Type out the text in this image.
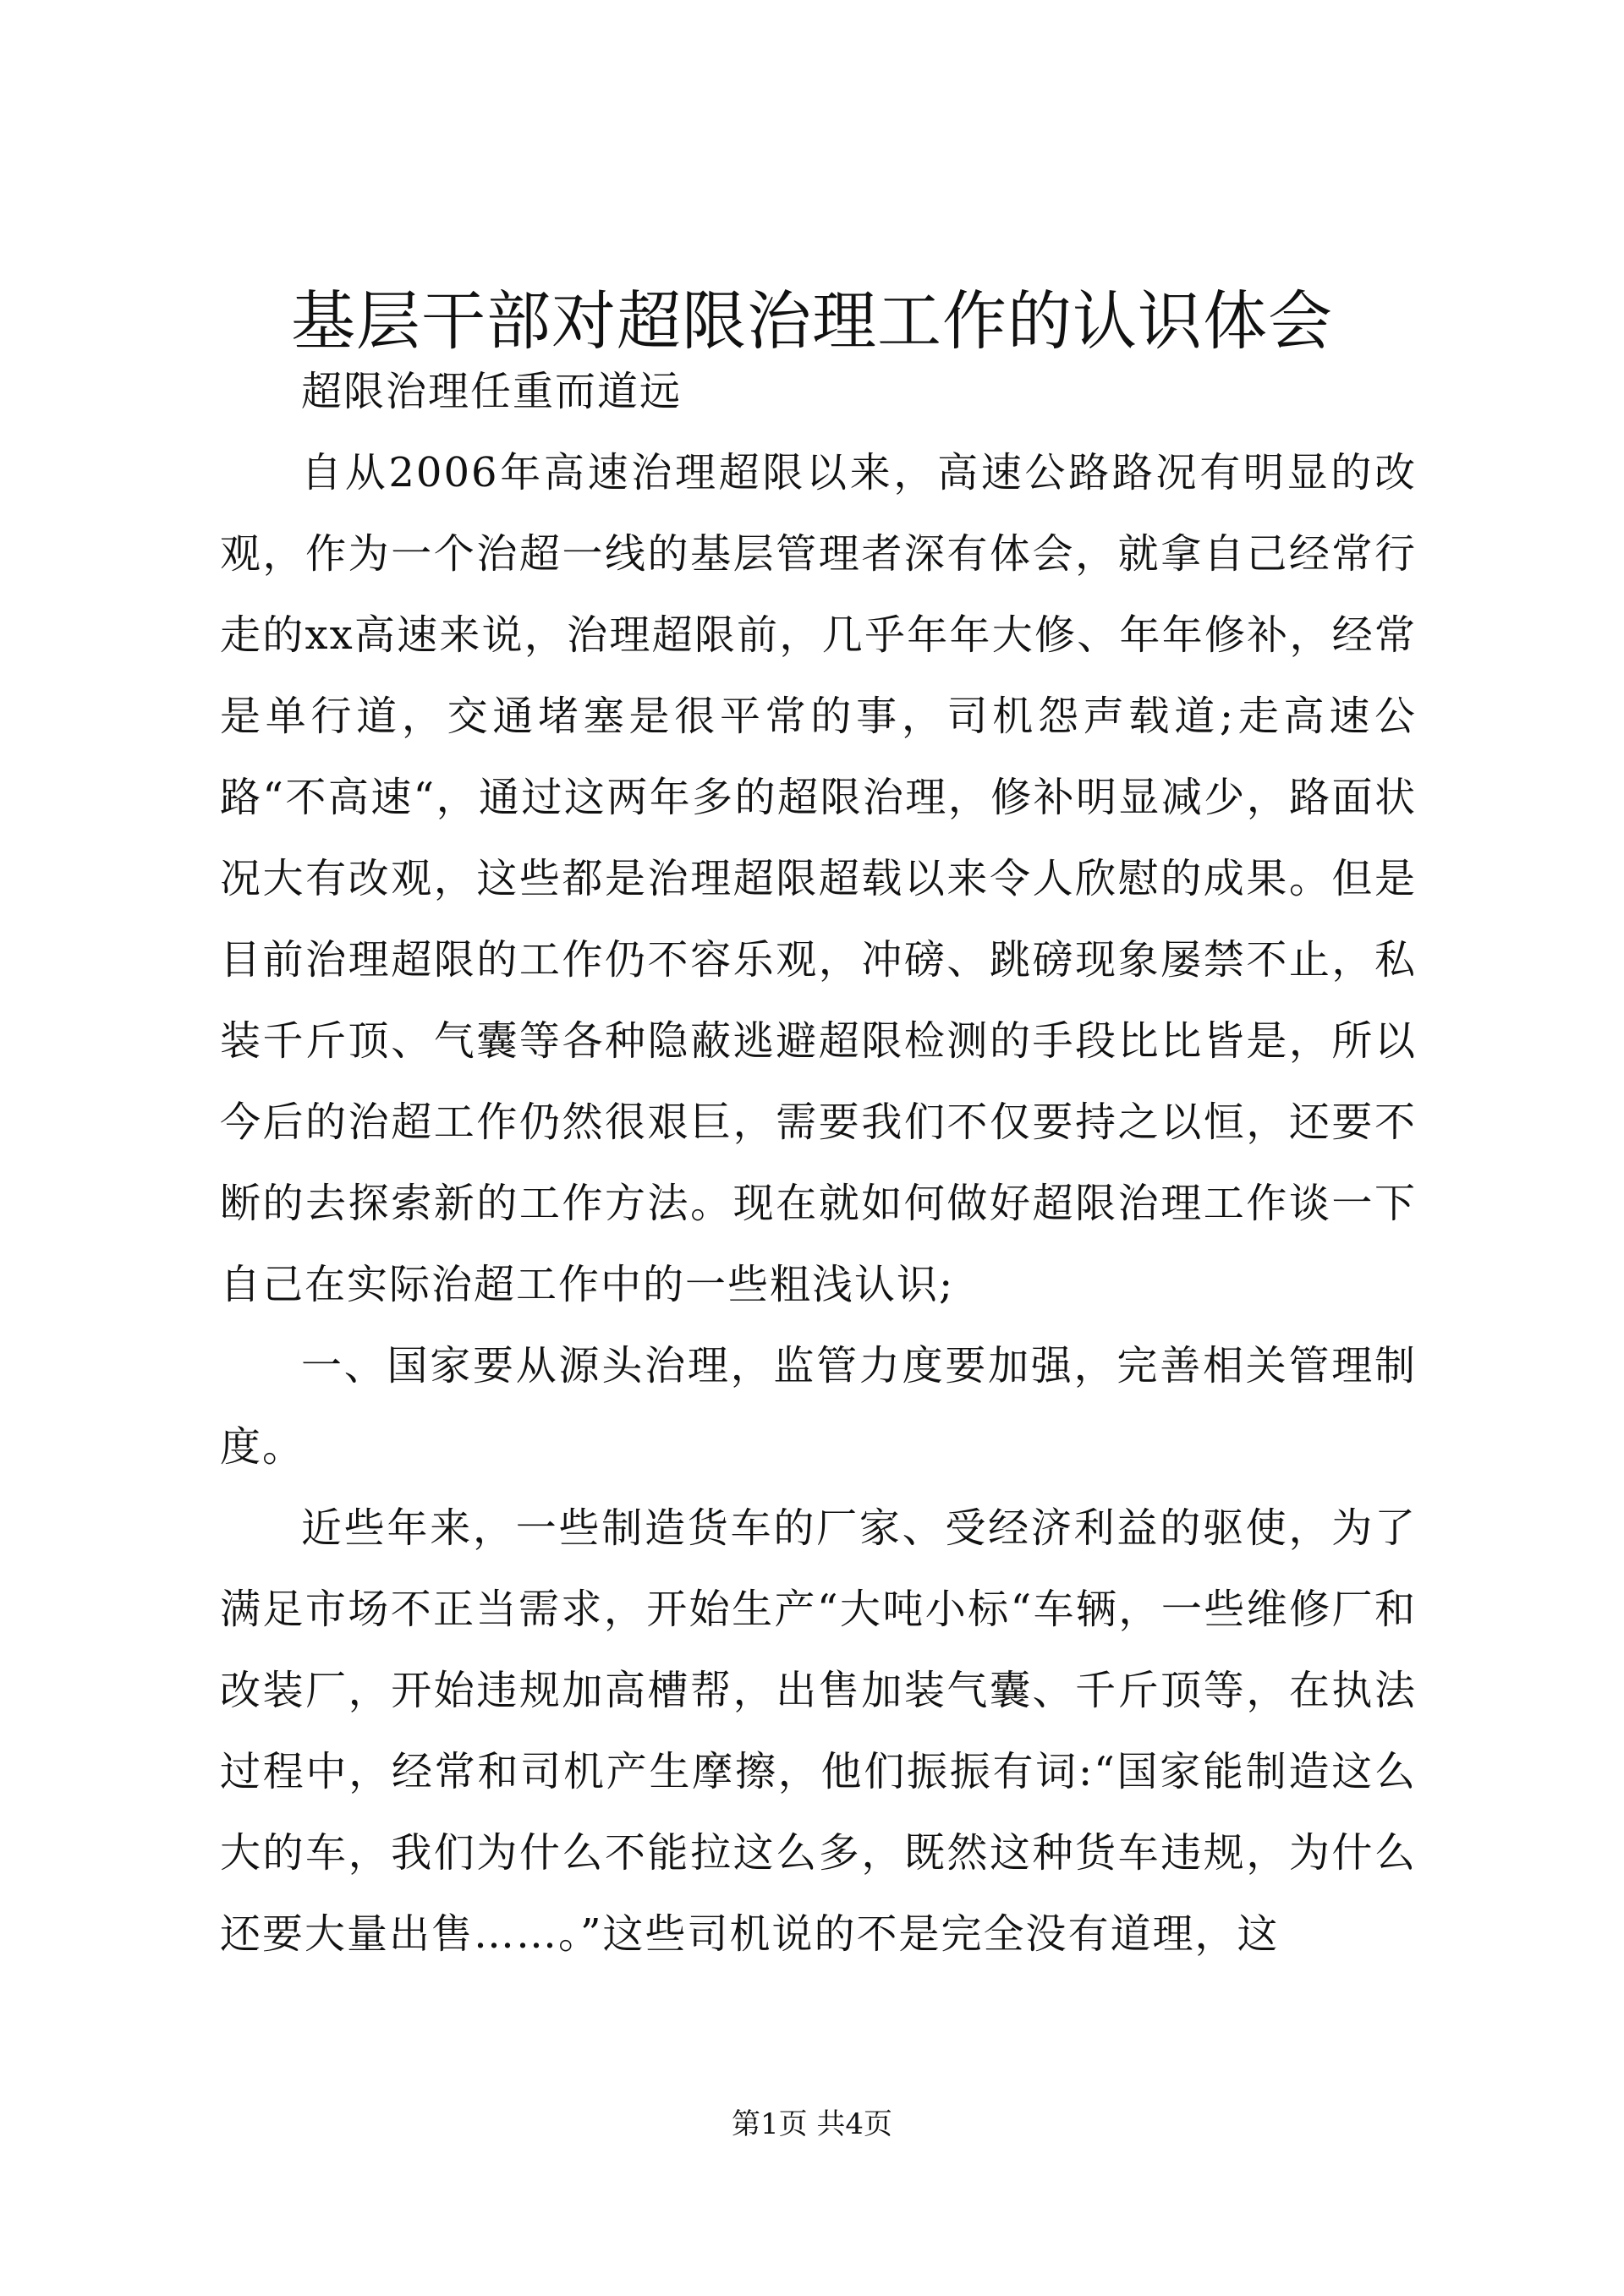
基层干部对超限治理工作的认识体会

超限治理任重而道远

自从2006年高速治理超限以来，高速公路路况有明显的改观，作为一个治超一线的基层管理者深有体会，就拿自己经常行走的xx高速来说，治理超限前，几乎年年大修、年年修补，经常是单行道，交通堵塞是很平常的事，司机怨声载道;走高速公路“不高速“，通过这两年多的超限治理，修补明显减少，路面状况大有改观，这些都是治理超限超载以来令人欣慰的成果。但是目前治理超限的工作仍不容乐观，冲磅、跳磅现象屡禁不止，私装千斤顶、气囊等各种隐蔽逃避超限检测的手段比比皆是，所以今后的治超工作仍然很艰巨，需要我们不仅要持之以恒，还要不断的去探索新的工作方法。现在就如何做好超限治理工作谈一下自己在实际治超工作中的一些粗浅认识;

一、国家要从源头治理，监管力度要加强，完善相关管理制度。

近些年来，一些制造货车的厂家、受经济利益的驱使，为了满足市场不正当需求，开始生产“大吨小标“车辆，一些维修厂和改装厂，开始违规加高槽帮，出售加装气囊、千斤顶等，在执法过程中，经常和司机产生摩擦，他们振振有词:“国家能制造这么大的车，我们为什么不能拉这么多，既然这种货车违规，为什么还要大量出售……。”这些司机说的不是完全没有道理，这

第1页 共4页
